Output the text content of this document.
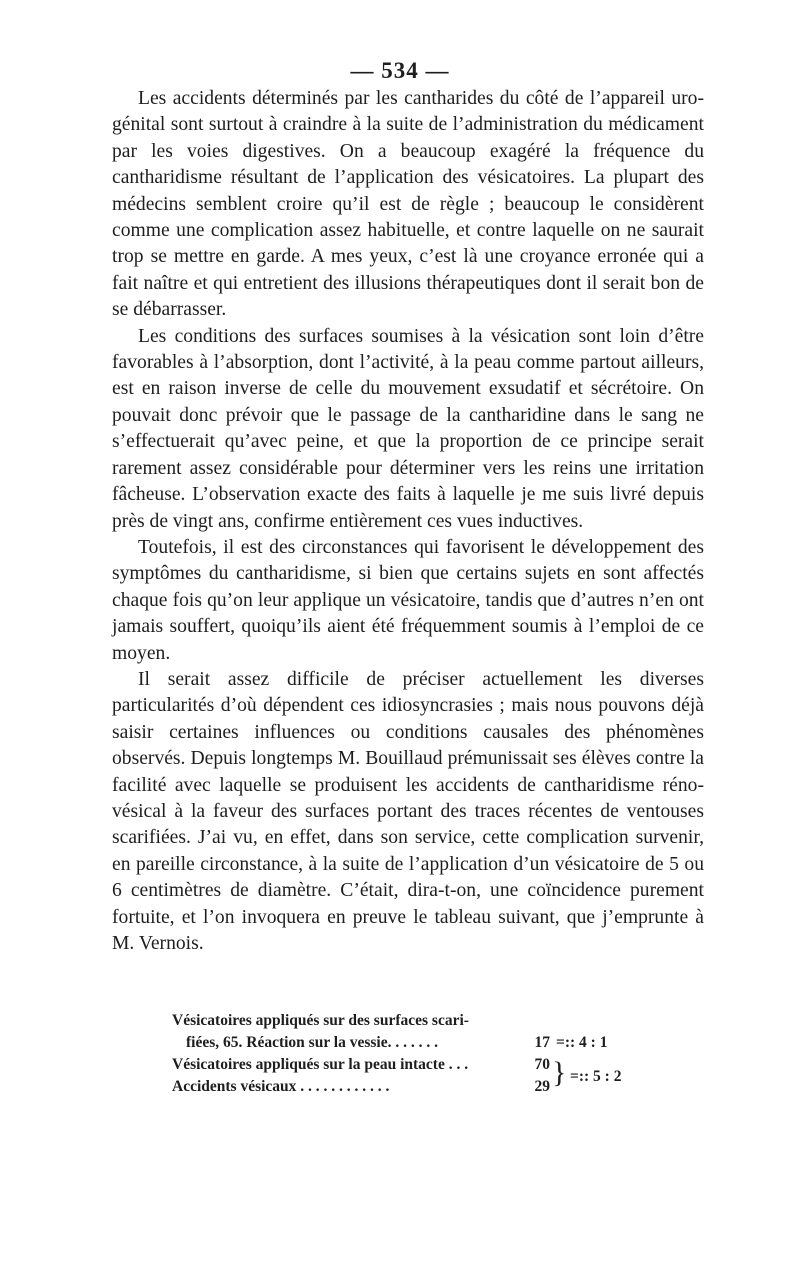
— 534 —

Les accidents déterminés par les cantharides du côté de l’appareil uro-génital sont surtout à craindre à la suite de l’administration du médicament par les voies digestives. On a beaucoup exagéré la fréquence du cantharidisme résultant de l’application des vésicatoires. La plupart des médecins semblent croire qu’il est de règle ; beaucoup le considèrent comme une complication assez habituelle, et contre laquelle on ne saurait trop se mettre en garde. A mes yeux, c’est là une croyance erronée qui a fait naître et qui entretient des illusions thérapeutiques dont il serait bon de se débarrasser.

Les conditions des surfaces soumises à la vésication sont loin d’être favorables à l’absorption, dont l’activité, à la peau comme partout ailleurs, est en raison inverse de celle du mouvement exsudatif et sécrétoire. On pouvait donc prévoir que le passage de la cantharidine dans le sang ne s’effectuerait qu’avec peine, et que la proportion de ce principe serait rarement assez considérable pour déterminer vers les reins une irritation fâcheuse. L’observation exacte des faits à laquelle je me suis livré depuis près de vingt ans, confirme entièrement ces vues inductives.

Toutefois, il est des circonstances qui favorisent le développement des symptômes du cantharidisme, si bien que certains sujets en sont affectés chaque fois qu’on leur applique un vésicatoire, tandis que d’autres n’en ont jamais souffert, quoiqu’ils aient été fréquemment soumis à l’emploi de ce moyen.

Il serait assez difficile de préciser actuellement les diverses particularités d’où dépendent ces idiosyncrasies ; mais nous pouvons déjà saisir certaines influences ou conditions causales des phénomènes observés. Depuis longtemps M. Bouillaud prémunissait ses élèves contre la facilité avec laquelle se produisent les accidents de cantharidisme réno-vésical à la faveur des surfaces portant des traces récentes de ventouses scarifiées. J’ai vu, en effet, dans son service, cette complication survenir, en pareille circonstance, à la suite de l’application d’un vésicatoire de 5 ou 6 centimètres de diamètre. C’était, dira-t-on, une coïncidence purement fortuite, et l’on invoquera en preuve le tableau suivant, que j’emprunte à M. Vernois.

Vésicatoires appliqués sur des surfaces scari-
fiées, 65. Réaction sur la vessie. . . . . . .	17 =:: 4 : 1
Vésicatoires appliqués sur la peau intacte . . .	70
Accidents vésicaux . . . . . . . . . . . .	29 } =:: 5 : 2
